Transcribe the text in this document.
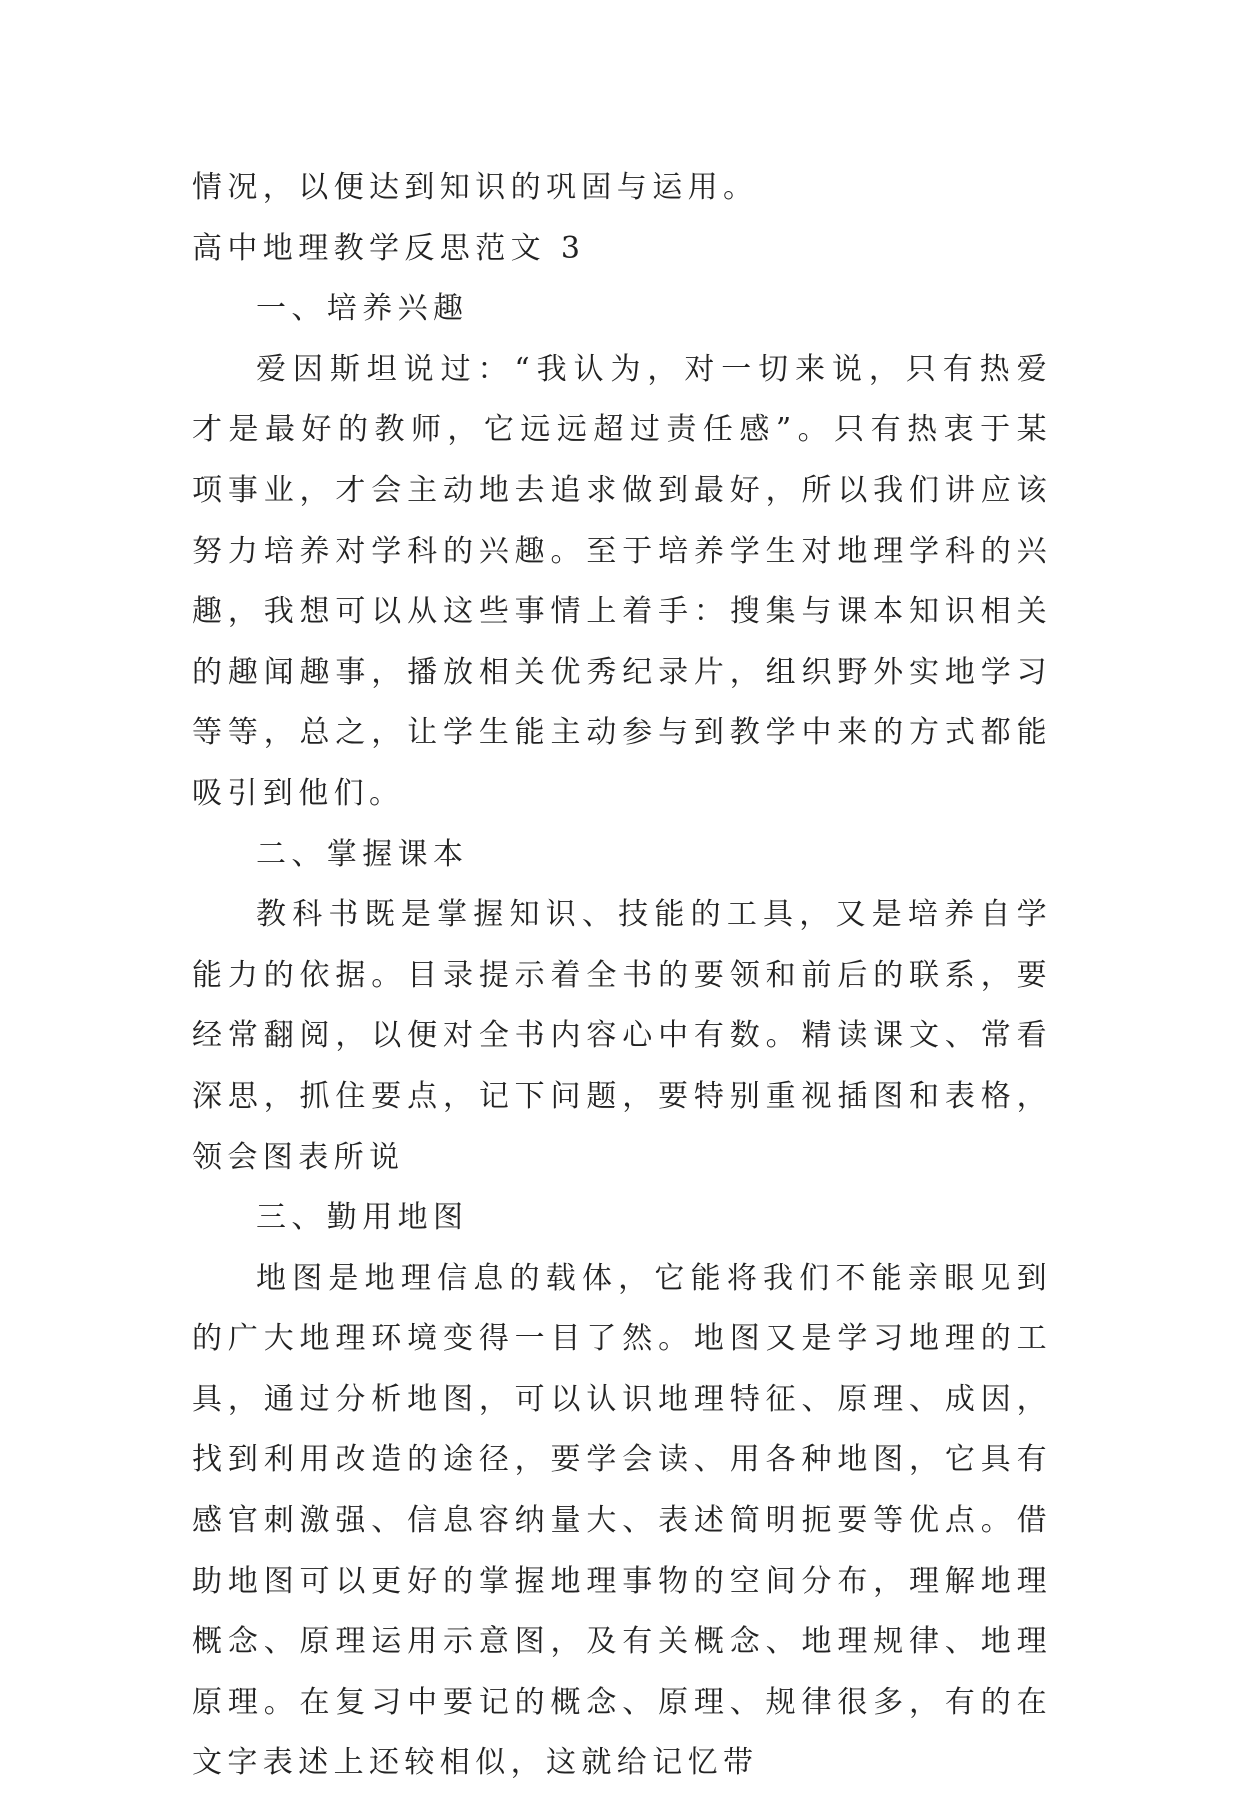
情况，以便达到知识的巩固与运用。
高中地理教学反思范文 3
一、培养兴趣

爱因斯坦说过：“我认为，对一切来说，只有热爱才是最好的教师，它远远超过责任感”。只有热衷于某项事业，才会主动地去追求做到最好，所以我们讲应该努力培养对学科的兴趣。至于培养学生对地理学科的兴趣，我想可以从这些事情上着手：搜集与课本知识相关的趣闻趣事，播放相关优秀纪录片，组织野外实地学习等等，总之，让学生能主动参与到教学中来的方式都能吸引到他们。

二、掌握课本

教科书既是掌握知识、技能的工具，又是培养自学能力的依据。目录提示着全书的要领和前后的联系，要经常翻阅，以便对全书内容心中有数。精读课文、常看深思，抓住要点，记下问题，要特别重视插图和表格，领会图表所说

三、勤用地图

地图是地理信息的载体，它能将我们不能亲眼见到的广大地理环境变得一目了然。地图又是学习地理的工具，通过分析地图，可以认识地理特征、原理、成因，找到利用改造的途径，要学会读、用各种地图，它具有感官刺激强、信息容纳量大、表述简明扼要等优点。借助地图可以更好的掌握地理事物的空间分布，理解地理概念、原理运用示意图，及有关概念、地理规律、地理原理。在复习中要记的概念、原理、规律很多，有的在文字表述上还较相似，这就给记忆带
